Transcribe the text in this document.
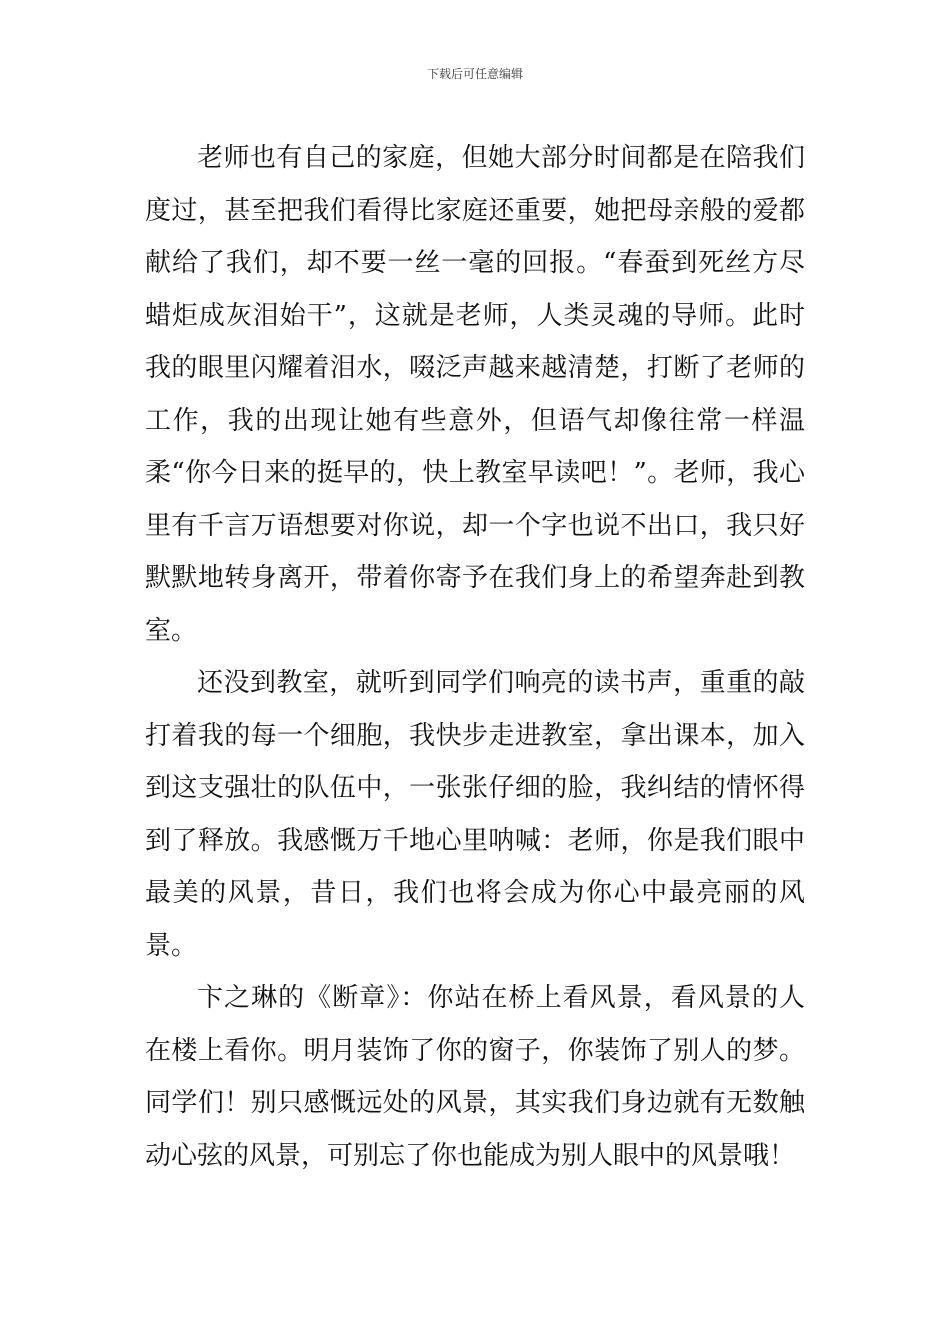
下载后可任意编辑

老师也有自己的家庭，但她大部分时间都是在陪我们度过，甚至把我们看得比家庭还重要，她把母亲般的爱都献给了我们，却不要一丝一毫的回报。“春蚕到死丝方尽蜡炬成灰泪始干”，这就是老师，人类灵魂的导师。此时我的眼里闪耀着泪水，啜泛声越来越清楚，打断了老师的工作，我的出现让她有些意外，但语气却像往常一样温柔“你今日来的挺早的，快上教室早读吧！”。老师，我心里有千言万语想要对你说，却一个字也说不出口，我只好默默地转身离开，带着你寄予在我们身上的希望奔赴到教室。

还没到教室，就听到同学们响亮的读书声，重重的敲打着我的每一个细胞，我快步走进教室，拿出课本，加入到这支强壮的队伍中，一张张仔细的脸，我纠结的情怀得到了释放。我感慨万千地心里呐喊：老师，你是我们眼中最美的风景，昔日，我们也将会成为你心中最亮丽的风景。

卞之琳的《断章》：你站在桥上看风景，看风景的人在楼上看你。明月装饰了你的窗子，你装饰了别人的梦。同学们！别只感慨远处的风景，其实我们身边就有无数触动心弦的风景，可别忘了你也能成为别人眼中的风景哦！
